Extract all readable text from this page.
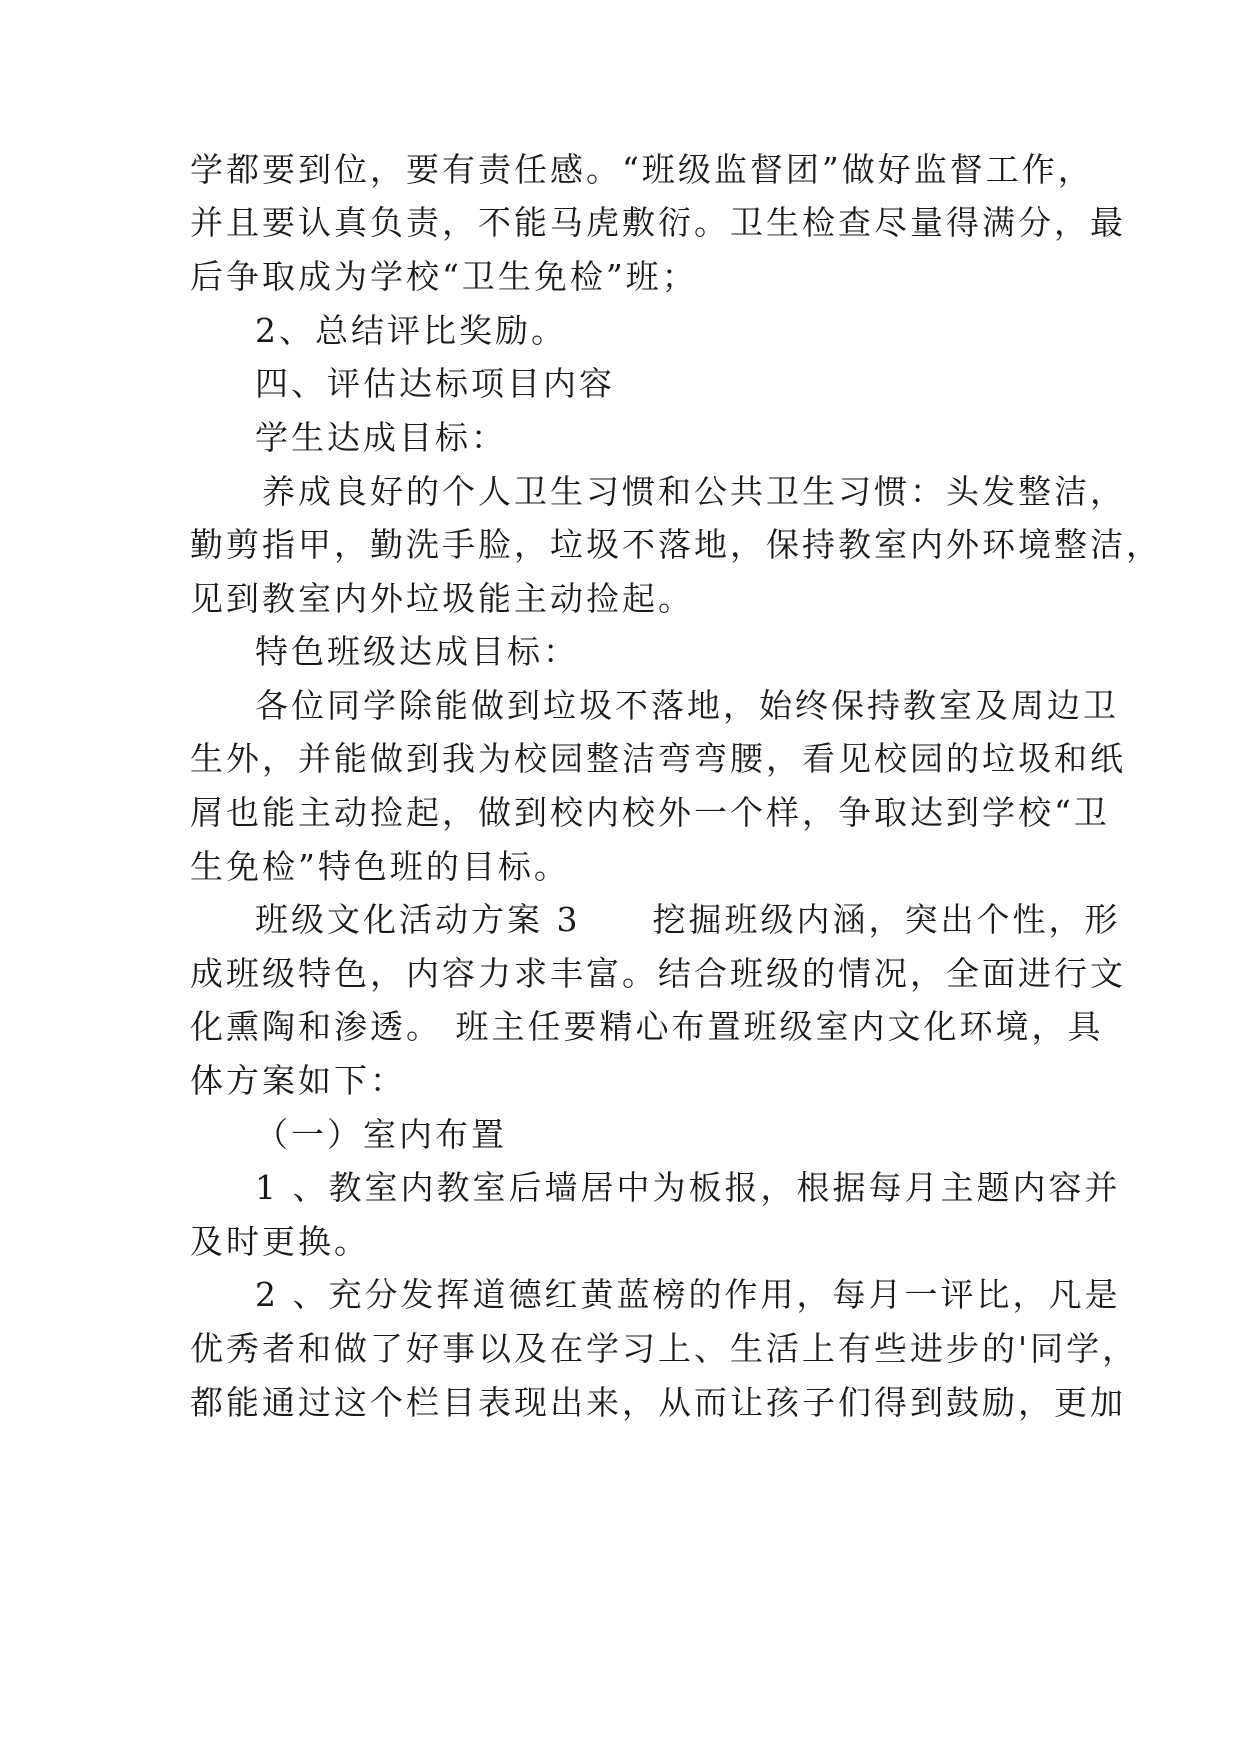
学都要到位，要有责任感。“班级监督团”做好监督工作，
并且要认真负责，不能马虎敷衍。卫生检查尽量得满分，最
后争取成为学校“卫生免检”班；
2、总结评比奖励。
四、评估达标项目内容
学生达成目标：
养成良好的个人卫生习惯和公共卫生习惯：头发整洁，
勤剪指甲，勤洗手脸，垃圾不落地，保持教室内外环境整洁，
见到教室内外垃圾能主动捡起。
特色班级达成目标：
各位同学除能做到垃圾不落地，始终保持教室及周边卫
生外，并能做到我为校园整洁弯弯腰，看见校园的垃圾和纸
屑也能主动捡起，做到校内校外一个样，争取达到学校“卫
生免检”特色班的目标。
班级文化活动方案 3　　挖掘班级内涵，突出个性，形
成班级特色，内容力求丰富。结合班级的情况，全面进行文
化熏陶和渗透。 班主任要精心布置班级室内文化环境，具
体方案如下：
（一）室内布置
1 、教室内教室后墙居中为板报，根据每月主题内容并
及时更换。
2 、充分发挥道德红黄蓝榜的作用，每月一评比，凡是
优秀者和做了好事以及在学习上、生活上有些进步的'同学，
都能通过这个栏目表现出来，从而让孩子们得到鼓励，更加
